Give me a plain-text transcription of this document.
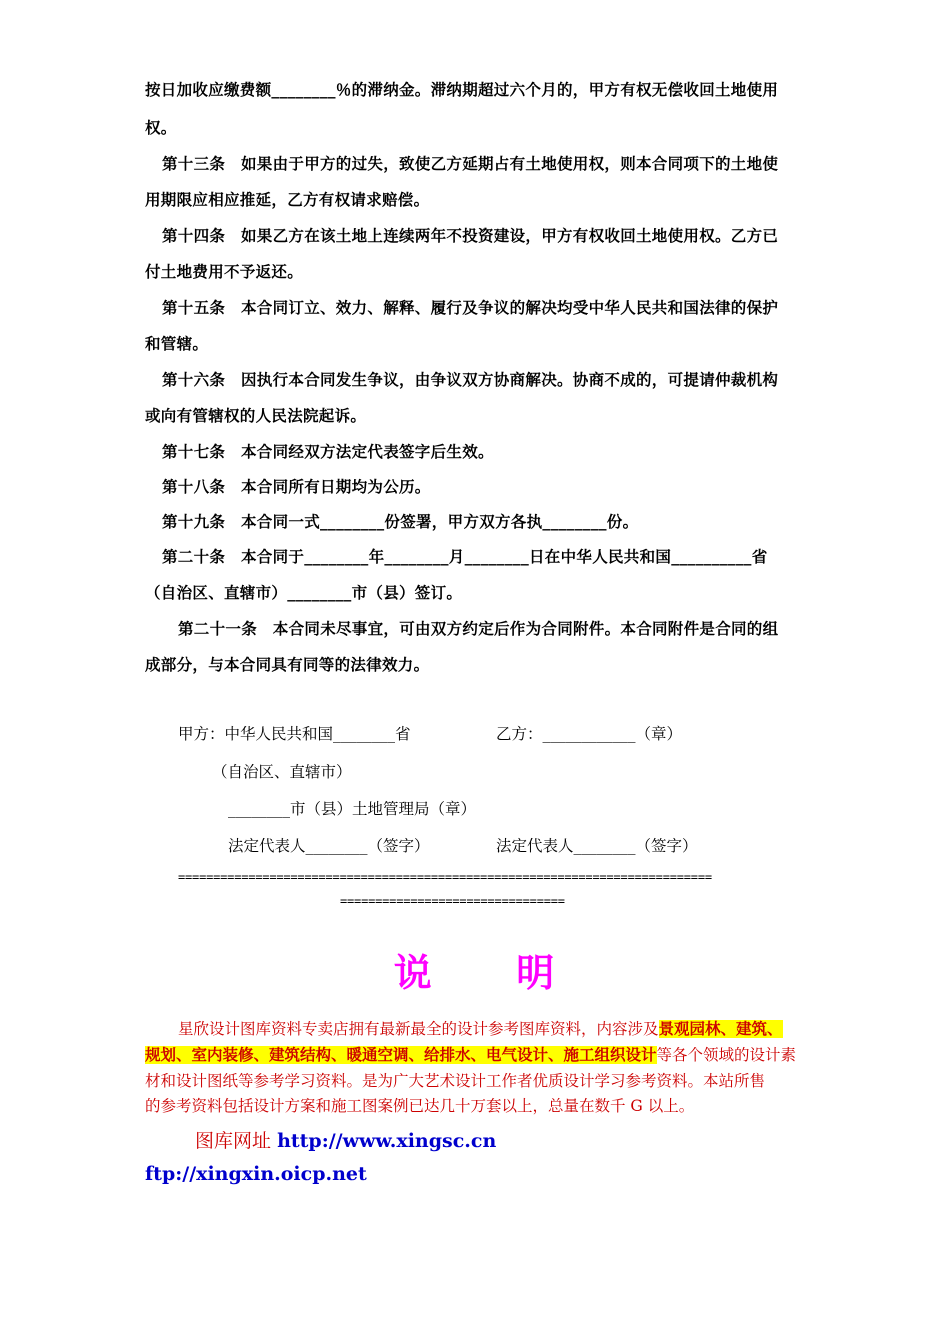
按日加收应缴费额________％的滞纳金。滞纳期超过六个月的，甲方有权无偿收回土地使用
权。
第十三条　如果由于甲方的过失，致使乙方延期占有土地使用权，则本合同项下的土地使
用期限应相应推延，乙方有权请求赔偿。
第十四条　如果乙方在该土地上连续两年不投资建设，甲方有权收回土地使用权。乙方已
付土地费用不予返还。
第十五条　本合同订立、效力、解释、履行及争议的解决均受中华人民共和国法律的保护
和管辖。
第十六条　因执行本合同发生争议，由争议双方协商解决。协商不成的，可提请仲裁机构
或向有管辖权的人民法院起诉。
第十七条　本合同经双方法定代表签字后生效。
第十八条　本合同所有日期均为公历。
第十九条　本合同一式________份签署，甲方双方各执________份。
第二十条　本合同于________年________月________日在中华人民共和国__________省
（自治区、直辖市）________市（县）签订。
第二十一条　本合同未尽事宜，可由双方约定后作为合同附件。本合同附件是合同的组
成部分，与本合同具有同等的法律效力。
甲方：中华人民共和国________省	乙方：____________（章）
（自治区、直辖市）
________市（县）土地管理局（章）
法定代表人________（签字）	法定代表人________（签字）
============================================================================
================================
说 明
星欣设计图库资料专卖店拥有最新最全的设计参考图库资料，内容涉及景观园林、建筑、
规划、室内装修、建筑结构、暖通空调、给排水、电气设计、施工组织设计等各个领域的设计素
材和设计图纸等参考学习资料。是为广大艺术设计工作者优质设计学习参考资料。本站所售
的参考资料包括设计方案和施工图案例已达几十万套以上，总量在数千 G 以上。
图库网址 http://www.xingsc.cn
ftp://xingxin.oicp.net
